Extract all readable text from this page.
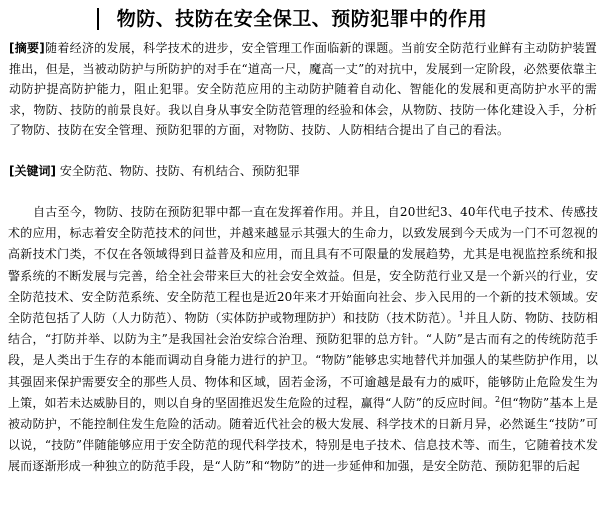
物防、技防在安全保卫、预防犯罪中的作用
[摘要]随着经济的发展，科学技术的进步，安全管理工作面临新的课题。当前安全防范行业鲜有主动防护装置推出，但是，当被动防护与所防护的对手在“道高一尺，魔高一丈”的对抗中，发展到一定阶段，必然要依靠主动防护提高防护能力，阻止犯罪。安全防范应用的主动防护随着自动化、智能化的发展和更高防护水平的需求，物防、技防的前景良好。我以自身从事安全防范管理的经验和体会，从物防、技防一体化建设入手，分析了物防、技防在安全管理、预防犯罪的方面，对物防、技防、人防相结合提出了自己的看法。
[关键词] 安全防范、物防、技防、有机结合、预防犯罪
自古至今，物防、技防在预防犯罪中都一直在发挥着作用。并且，自20世纪3、40年代电子技术、传感技术的应用，标志着安全防范技术的问世，并越来越显示其强大的生命力，以致发展到今天成为一门不可忽视的高新技术门类，不仅在各领域得到日益普及和应用，而且具有不可限量的发展趋势，尤其是电视监控系统和报警系统的不断发展与完善，给全社会带来巨大的社会安全效益。但是，安全防范行业又是一个新兴的行业，安全防范技术、安全防范系统、安全防范工程也是近20年来才开始面向社会、步入民用的一个新的技术领域。安全防范包括了人防（人力防范）、物防（实体防护或物理防护）和技防（技术防范）。$^1$并且人防、物防、技防相结合，“打防并举、以防为主”是我国社会治安综合治理、预防犯罪的总方针。“人防”是古而有之的传统防范手段，是人类出于生存的本能而调动自身能力进行的护卫。“物防”能够忠实地替代并加强人的某些防护作用，以其强固来保护需要安全的那些人员、物体和区域，固若金汤，不可逾越是最有力的威吓，能够防止危险发生为上策，如若未达威胁目的，则以自身的坚固推迟发生危险的过程，赢得“人防”的反应时间。$^2$但“物防”基本上是被动防护，不能控制住发生危险的活动。随着近代社会的极大发展、科学技术的日新月异，必然诞生“技防”可以说，“技防”伴随能够应用于安全防范的现代科学技术，特别是电子技术、信息技术等、而生，它随着技术发展而逐渐形成一种独立的防范手段，是“人防”和“物防”的进一步延伸和加强，是安全防范、预防犯罪的后起
